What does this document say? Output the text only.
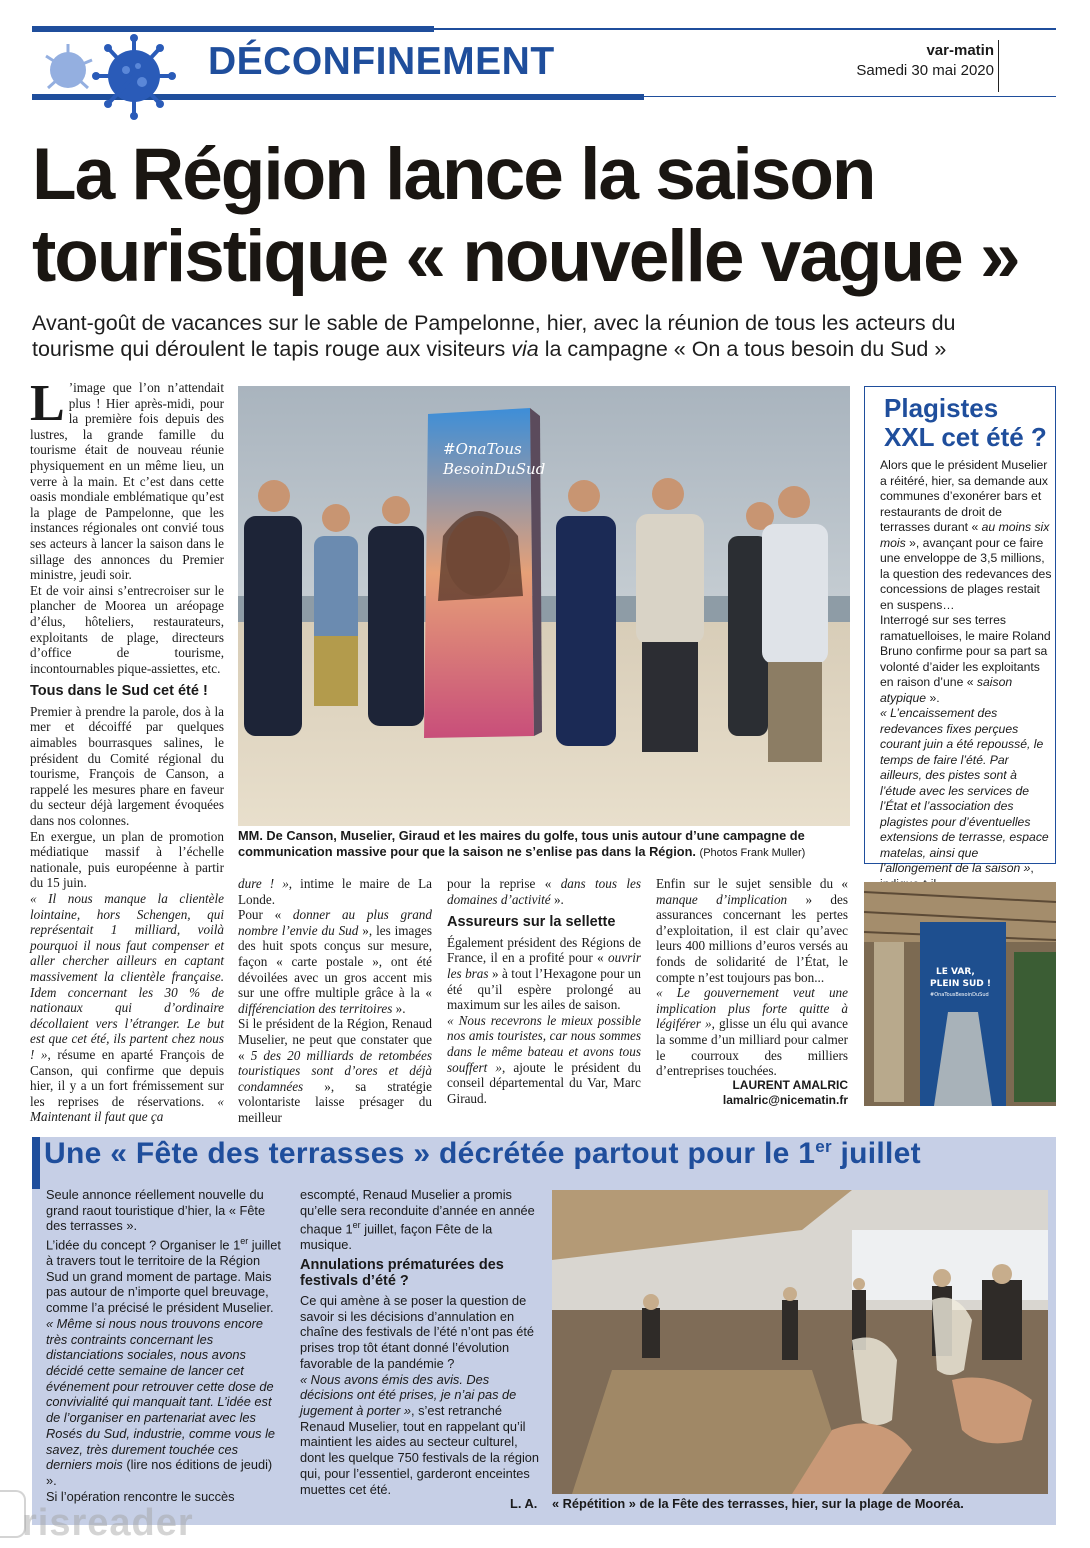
DÉCONFINEMENT	var-matin
Samedi 30 mai 2020
La Région lance la saison
touristique « nouvelle vague »
Avant-goût de vacances sur le sable de Pampelonne, hier, avec la réunion de tous les acteurs du
tourisme qui déroulent le tapis rouge aux visiteurs via la campagne « On a tous besoin du Sud »

L ’image que l’on n’attendait plus ! Hier après-midi, pour la première fois depuis des lustres, la grande famille du tourisme était de nouveau réunie physiquement en un même lieu, un verre à la main. Et c’est dans cette oasis mondiale emblématique qu’est la plage de Pampelonne, que les instances régionales ont convié tous ses acteurs à lancer la saison dans le sillage des annonces du Premier ministre, jeudi soir.

Et de voir ainsi s’entrecroiser sur le plancher de Moorea un aréopage d’élus, hôteliers, restaurateurs, exploitants de plage, directeurs d’office de tourisme, incontournables pique-assiettes, etc.

Tous dans le Sud cet été !

Premier à prendre la parole, dos à la mer et décoiffé par quelques aimables bourrasques salines, le président du Comité régional du tourisme, François de Canson, a rappelé les mesures phare en faveur du secteur déjà largement évoquées dans nos colonnes.

En exergue, un plan de promotion médiatique massif à l’échelle nationale, puis européenne à partir du 15 juin.

« Il nous manque la clientèle lointaine, hors Schengen, qui représentait 1 milliard, voilà pourquoi il nous faut compenser et aller chercher ailleurs en captant massivement la clientèle française. Idem concernant les 30 % de nationaux qui d’ordinaire décollaient vers l’étranger. Le but est que cet été, ils partent chez nous ! », résume en aparté François de Canson, qui confirme que depuis hier, il y a un fort frémissement sur les reprises de réservations. « Maintenant il faut que ça

#OnaTous
BesoinDuSud
MM. De Canson, Muselier, Giraud et les maires du golfe, tous unis autour d’une campagne de communication massive pour que la saison ne s’enlise pas dans la Région. (Photos Frank Muller)

dure ! », intime le maire de La Londe.

Pour « donner au plus grand nombre l’envie du Sud », les images des huit spots conçus sur mesure, façon « carte postale », ont été dévoilées avec un gros accent mis sur une offre multiple grâce à la « différenciation des territoires ».

Si le président de la Région, Renaud Muselier, ne peut que constater que « 5 des 20 milliards de retombées touristiques sont d’ores et déjà condamnées », sa stratégie volontariste laisse présager du meilleur

pour la reprise « dans tous les domaines d’activité ».

Assureurs sur la sellette

Également président des Régions de France, il en a profité pour « ouvrir les bras » à tout l’Hexagone pour un été qu’il espère prolongé au maximum sur les ailes de saison.

« Nous recevrons le mieux possible nos amis touristes, car nous sommes dans le même bateau et avons tous souffert », ajoute le président du conseil départemental du Var, Marc Giraud.

Enfin sur le sujet sensible du « manque d’implication » des assurances concernant les pertes d’exploitation, il est clair qu’avec leurs 400 millions d’euros versés au fonds de solidarité de l’État, le compte n’est toujours pas bon...

« Le gouvernement veut une implication plus forte quitte à légiférer », glisse un élu qui avance la somme d’un milliard pour calmer le courroux des milliers d’entreprises touchées.

LAURENT AMALRIC
lamalric@nicematin.fr
Plagistes
XXL cet été ?

Alors que le président Muselier a réitéré, hier, sa demande aux communes d’exonérer bars et restaurants de droit de terrasses durant « au moins six mois », avançant pour ce faire une enveloppe de 3,5 millions, la question des redevances des concessions de plages restait en suspens…

Interrogé sur ses terres ramatuelloises, le maire Roland Bruno confirme pour sa part sa volonté d’aider les exploitants en raison d’une « saison atypique ».

« L’encaissement des redevances fixes perçues courant juin a été repoussé, le temps de faire l’été. Par ailleurs, des pistes sont à l’étude avec les services de l’État et l’association des plagistes pour d’éventuelles extensions de terrasse, espace matelas, ainsi que l’allongement de la saison »,

LE VAR,
PLEIN SUD !
#OnaTousBesoinDuSud
Une « Fête des terrasses » décrétée partout pour le 1er juillet

Seule annonce réellement nouvelle du grand raout touristique d’hier, la « Fête des terrasses ».

L’idée du concept ? Organiser le 1er juillet à travers tout le territoire de la Région Sud un grand moment de partage. Mais pas autour de n’importe quel breuvage, comme l’a précisé le président Muselier.

« Même si nous nous trouvons encore très contraints concernant les distanciations sociales, nous avons décidé cette semaine de lancer cet événement pour retrouver cette dose de convivialité qui manquait tant. L’idée est de l’organiser en partenariat avec les Rosés du Sud, industrie, comme vous le savez, très durement touchée ces derniers mois (lire nos éditions de jeudi) ».

Si l’opération rencontre le succès

escompté, Renaud Muselier a promis qu’elle sera reconduite d’année en année chaque 1er juillet, façon Fête de la musique.

Annulations prématurées des festivals d’été ?

Ce qui amène à se poser la question de savoir si les décisions d’annulation en chaîne des festivals de l’été n’ont pas été prises trop tôt étant donné l’évolution favorable de la pandémie ?

« Nous avons émis des avis. Des décisions ont été prises, je n’ai pas de jugement à porter », s’est retranché Renaud Muselier, tout en rappelant qu’il maintient les aides au secteur culturel, dont les quelque 750 festivals de la région qui, pour l’essentiel, garderont enceintes muettes cet été.

L. A. « Répétition » de la Fête des terrasses, hier, sur la plage de Mooréa.
risreader
